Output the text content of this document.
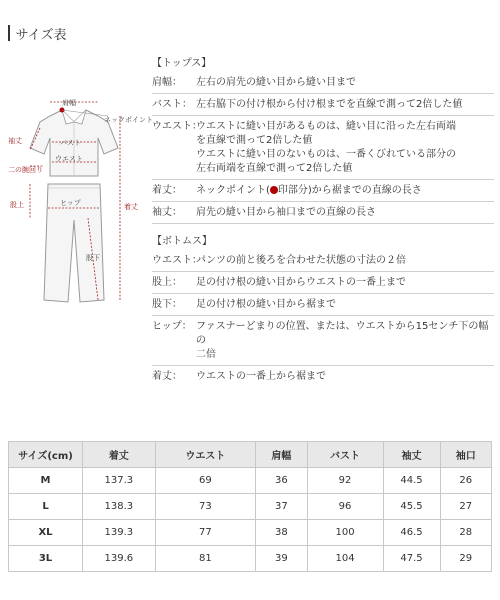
サイズ表
肩幅
ネックポイント
袖丈	バスト
ウエスト
二の腕回り
ヒップ
股上	着丈
股下
【トップス】
肩幅：	左右の肩先の縫い目から縫い目まで
バスト： 左右脇下の付け根から付け根までを直線で測って2倍した値
ウエスト：
ウエストに縫い目があるものは、縫い目に沿った左右両端
を直線で測って2倍した値
ウエストに縫い目のないものは、一番くびれている部分の
左右両端を直線で測って2倍した値
着丈：	ネックポイント( 印部分)から裾までの直線の長さ
袖丈：	肩先の縫い目から袖口までの直線の長さ
【ボトムス】
ウエスト：
パンツの前と後ろを合わせた状態の寸法の２倍
股上：	足の付け根の縫い目からウエストの一番上まで
股下：	足の付け根の縫い目から裾まで
ヒップ： ファスナーどまりの位置、または、ウエストから15センチ下の幅の
二倍
着丈：	ウエストの一番上から裾まで
サイズ(cm)	着丈	ウエスト	肩幅	バスト	袖丈	袖口
M	137.3	69	36	92	44.5	26
L	138.3	73	37	96	45.5	27
XL	139.3	77	38	100	46.5	28
3L	139.6	81	39	104	47.5	29
